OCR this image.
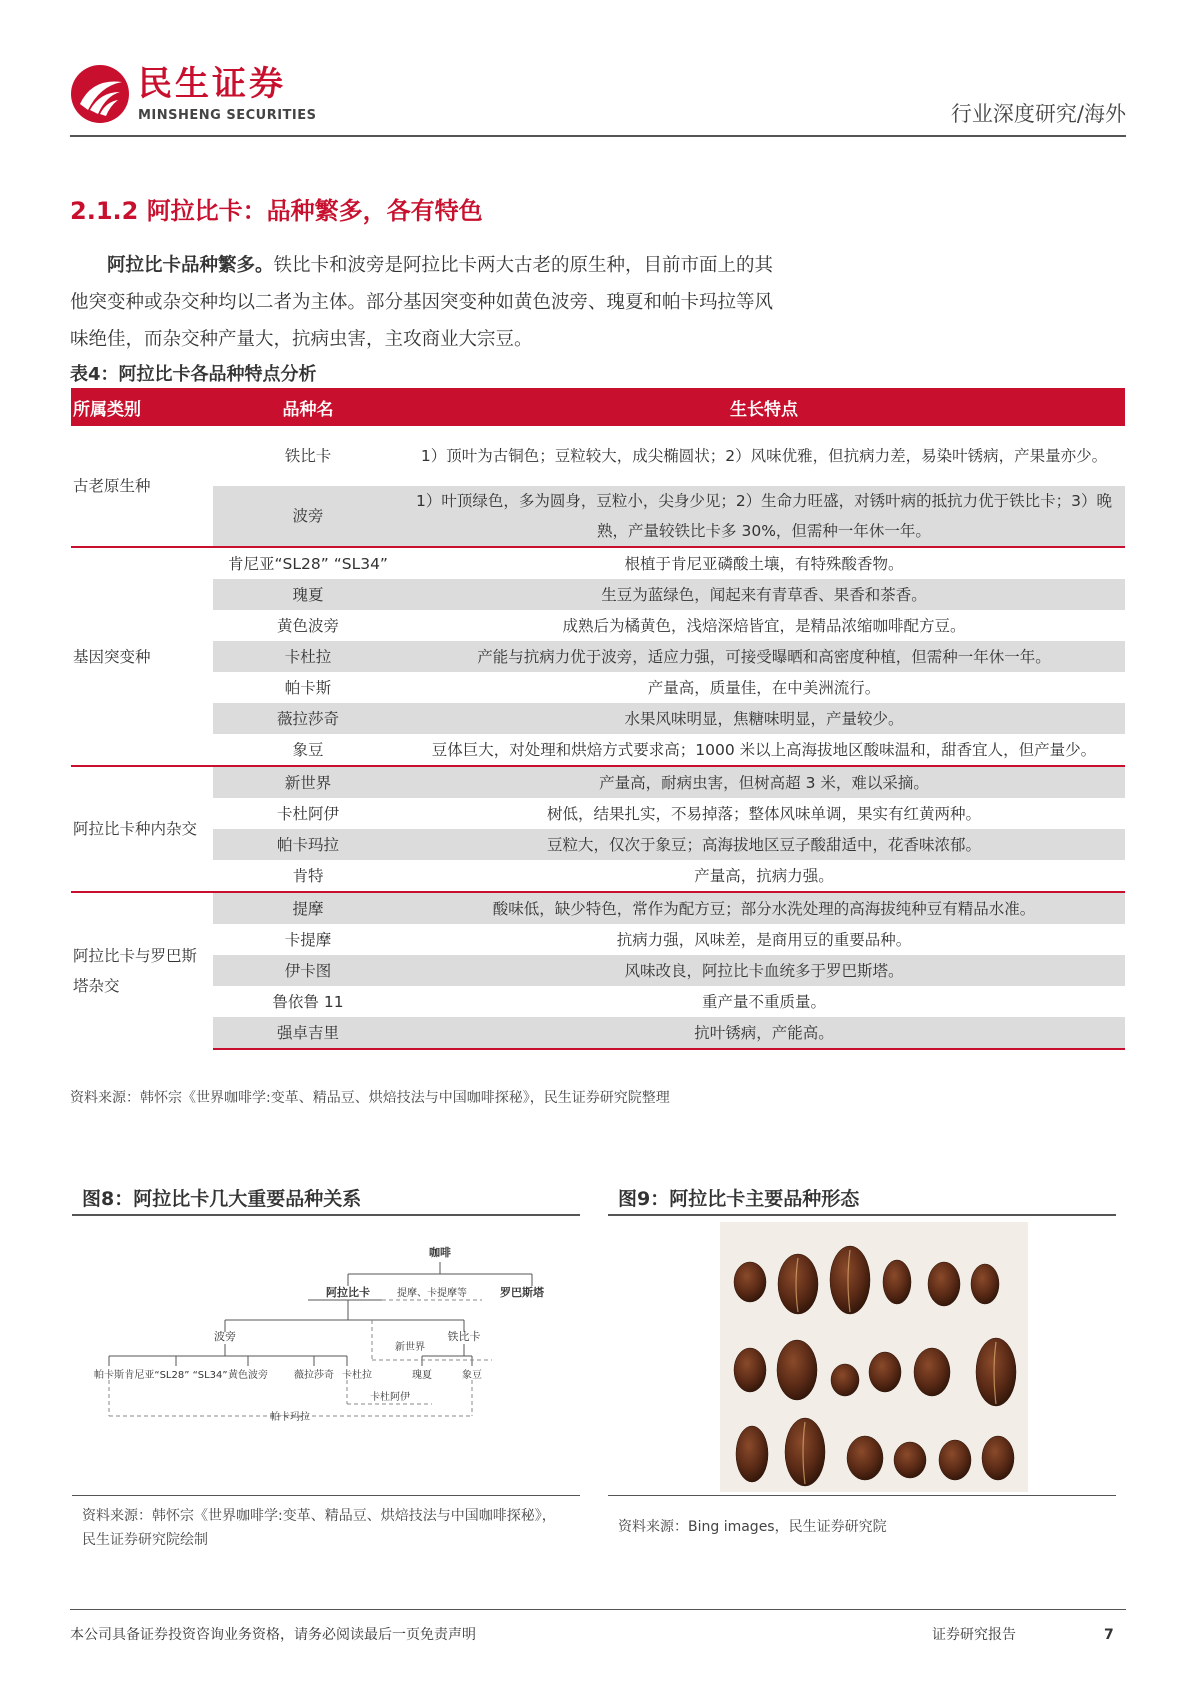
民生证券
MINSHENG SECURITIES	行业深度研究/海外
2.1.2 阿拉比卡：品种繁多，各有特色
阿拉比卡品种繁多。铁比卡和波旁是阿拉比卡两大古老的原生种，目前市面上的其他突变种或杂交种均以二者为主体。部分基因突变种如黄色波旁、瑰夏和帕卡玛拉等风味绝佳，而杂交种产量大，抗病虫害，主攻商业大宗豆。
表4：阿拉比卡各品种特点分析
所属类别	品种名	生长特点
古老原生种	铁比卡	1）顶叶为古铜色；豆粒较大，成尖椭圆状；2）风味优雅，但抗病力差，易染叶锈病，产果量亦少。
	波旁	1）叶顶绿色，多为圆身，豆粒小，尖身少见；2）生命力旺盛，对锈叶病的抵抗力优于铁比卡；3）晚熟，产量较铁比卡多 30%，但需种一年休一年。
基因突变种	肯尼亚“SL28” “SL34”	根植于肯尼亚磷酸土壤，有特殊酸香物。
	瑰夏	生豆为蓝绿色，闻起来有青草香、果香和茶香。
	黄色波旁	成熟后为橘黄色，浅焙深焙皆宜，是精品浓缩咖啡配方豆。
	卡杜拉	产能与抗病力优于波旁，适应力强，可接受曝晒和高密度种植，但需种一年休一年。
	帕卡斯	产量高，质量佳，在中美洲流行。
	薇拉莎奇	水果风味明显，焦糖味明显，产量较少。
	象豆	豆体巨大，对处理和烘焙方式要求高；1000 米以上高海拔地区酸味温和，甜香宜人，但产量少。
阿拉比卡种内杂交	新世界	产量高，耐病虫害，但树高超 3 米，难以采摘。
	卡杜阿伊	树低，结果扎实，不易掉落；整体风味单调，果实有红黄两种。
	帕卡玛拉	豆粒大，仅次于象豆；高海拔地区豆子酸甜适中，花香味浓郁。
	肯特	产量高，抗病力强。
阿拉比卡与罗巴斯塔杂交	提摩	酸味低，缺少特色，常作为配方豆；部分水洗处理的高海拔纯种豆有精品水准。
	卡提摩	抗病力强，风味差，是商用豆的重要品种。
	伊卡图	风味改良，阿拉比卡血统多于罗巴斯塔。
	鲁依鲁 11	重产量不重质量。
	强卓吉里	抗叶锈病，产能高。
资料来源：韩怀宗《世界咖啡学:变革、精品豆、烘焙技法与中国咖啡探秘》，民生证券研究院整理
图8：阿拉比卡几大重要品种关系
咖啡
阿拉比卡	提摩、卡提摩等	罗巴斯塔
波旁	铁比卡
新世界
帕卡斯 肯尼亚“SL28” “SL34” 黄色波旁	薇拉莎奇 卡杜拉	瑰夏	象豆
卡杜阿伊
帕卡玛拉
资料来源：韩怀宗《世界咖啡学:变革、精品豆、烘焙技法与中国咖啡探秘》，
民生证券研究院绘制
图9：阿拉比卡主要品种形态
资料来源：Bing images，民生证券研究院
本公司具备证券投资咨询业务资格，请务必阅读最后一页免责声明	证券研究报告	7
